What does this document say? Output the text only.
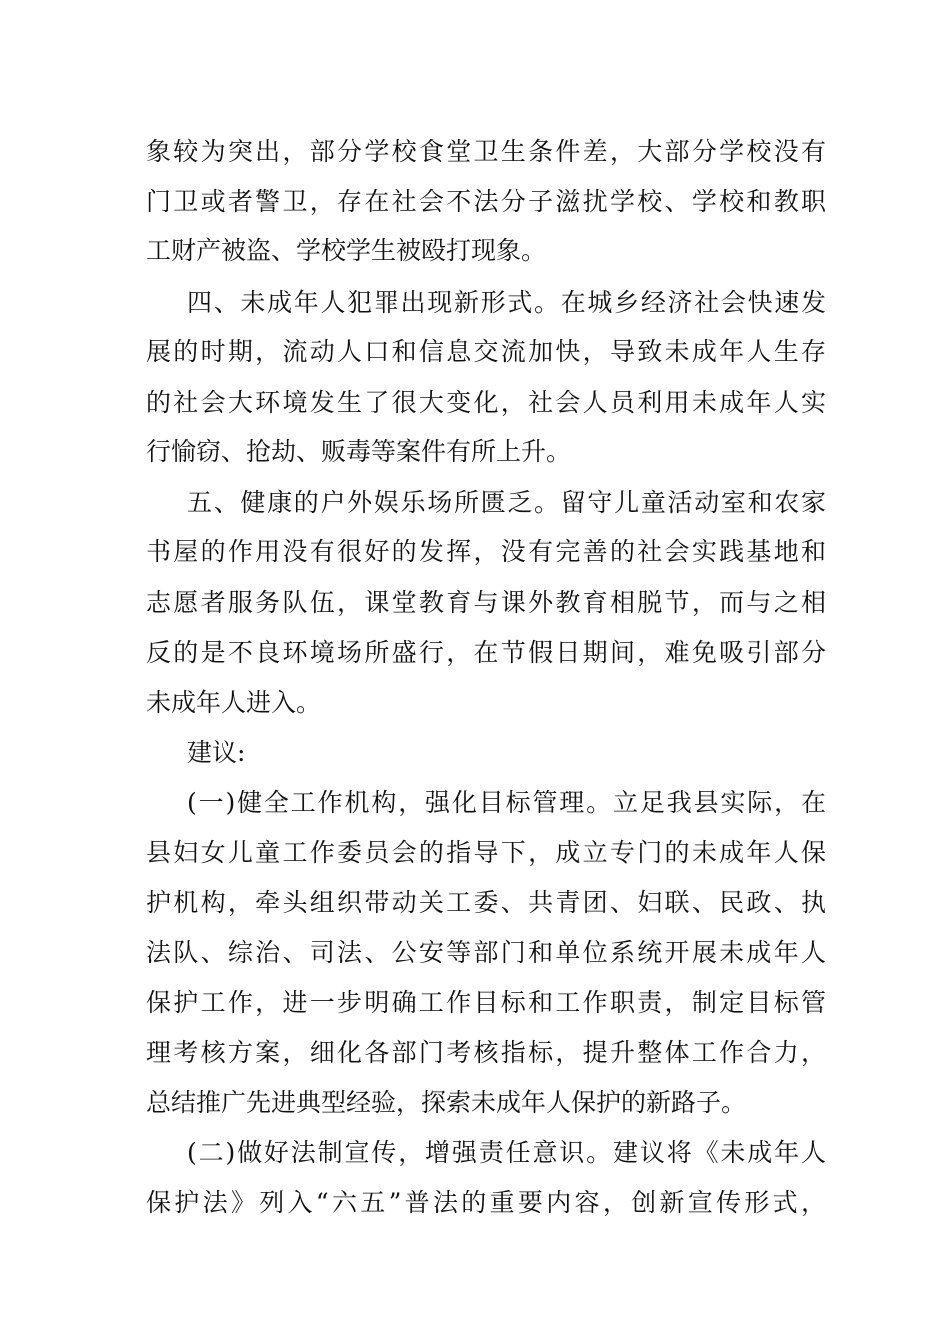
象较为突出，部分学校食堂卫生条件差，大部分学校没有
门卫或者警卫，存在社会不法分子滋扰学校、学校和教职
工财产被盗、学校学生被殴打现象。
四、未成年人犯罪出现新形式。在城乡经济社会快速发
展的时期，流动人口和信息交流加快，导致未成年人生存
的社会大环境发生了很大变化，社会人员利用未成年人实
行愉窃、抢劫、贩毒等案件有所上升。
五、健康的户外娱乐场所匮乏。留守儿童活动室和农家
书屋的作用没有很好的发挥，没有完善的社会实践基地和
志愿者服务队伍，课堂教育与课外教育相脱节，而与之相
反的是不良环境场所盛行，在节假日期间，难免吸引部分
未成年人进入。
建议:
(一)健全工作机构，强化目标管理。立足我县实际，在
县妇女儿童工作委员会的指导下，成立专门的未成年人保
护机构，牵头组织带动关工委、共青团、妇联、民政、执
法队、综治、司法、公安等部门和单位系统开展未成年人
保护工作，进一步明确工作目标和工作职责，制定目标管
理考核方案，细化各部门考核指标，提升整体工作合力，
总结推广先进典型经验，探索未成年人保护的新路子。
(二)做好法制宣传，增强责任意识。建议将《未成年人
保护法》列入“六五”普法的重要内容，创新宣传形式，
